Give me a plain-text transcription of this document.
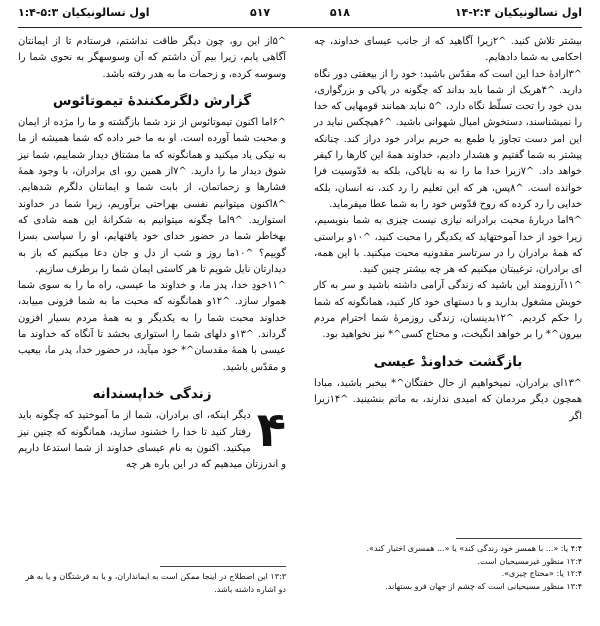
اول تسالونیکیان ۲:۴-۱۴
۵۱۸
۵۱۷
اول تسالونیکیان ۵:۳-۱:۴

بیشتر تلاش کنید. ^۲زیرا آگاهید که از جانب عیسای خداوند، چه احکامی به شما دادهایم.

^۳ارادهٔ خدا این است که مقدّس باشید: خود را از بیعفتی دور نگاه دارید. ^۴هریک از شما باید بداند که چگونه در پاکی و بزرگواری، بدن خود را تحت تسلّط نگاه دارد، ^۵ نباید همانند قومهایی که خدا را نمیشناسند، دستخوش امیال شهوانی باشید. ^۶هیچکس نباید در این امر دست تجاوز یا طمع به حریم برادر خود دراز کند. چنانکه پیشتر به شما گفتیم و هشدار دادیم، خداوند همهٔ این کارها را کیفر خواهد داد. ^۷زیرا خدا ما را نه به ناپاکی، بلکه به قدّوسیت فرا خوانده است. ^۸پس، هر که این تعلیم را رد کند، نه انسان، بلکه خدایی را رد کرده که روح قدّوس خود را به شما عطا میفرماید.

^۹اما دربارهٔ محبت برادرانه نیازی نیست چیزی به شما بنویسیم، زیرا خود از خدا آموختهاید که یکدیگر را محبت کنید، ^۱۰و براستی که همهٔ برادران را در سرتاسر مقدونیه محبت میکنید. با این همه، ای برادران، ترغیبتان میکنیم که هر چه بیشتر چنین کنید.

^۱۱آرزومند این باشید که زندگی آرامی داشته باشید و سر به کار خویش مشغول بدارید و با دستهای خود کار کنید، همانگونه که شما را حکم کردیم. ^۱۲بدینسان، زندگی روزمرهٔ شما احترام مردم بیرون^* را بر خواهد انگیخت، و محتاج کسی^* نیز نخواهید بود.

بازگشت خداوندْ عیسی

^۱۳ای برادران، نمیخواهیم از حال خفتگان^* بیخبر باشید، مبادا همچون دیگر مردمان که امیدی ندارند، به ماتم بنشینید. ^۱۴زیرا اگر

^۵از این رو، چون دیگر طاقت نداشتم، فرستادم تا از ایمانتان آگاهی یابم، زیرا بیم آن داشتم که آن وسوسهگر به نحوی شما را وسوسه کرده، و زحمات ما به هدر رفته باشد.

گزارش دلگرمکنندهٔ تیموتائوس

^۶اما اکنون تیموتائوس از نزد شما بازگشته و ما را مژده از ایمان و محبت شما آورده است. او به ما خبر داده که شما همیشه از ما به نیکی یاد میکنید و همانگونه که ما مشتاق دیدار شماییم، شما نیز شوق دیدار ما را دارید. ^۷از همین رو، ای برادران، با وجود همهٔ فشارها و زحماتمان، از بابت شما و ایمانتان دلگرم شدهایم. ^۸اکنون میتوانیم نفسی بهراحتی برآوریم، زیرا شما در خداوند استوارید. ^۹اما چگونه میتوانیم به شکرانهٔ این همه شادی که بهخاطر شما در حضور خدای خود یافتهایم، او را سپاسی بسزا گوییم؟ ^۱۰ما روز و شب از دل و جان دعا میکنیم که باز به دیدارتان نایل شویم تا هر کاستی ایمان شما را برطرف سازیم.

^۱۱خودِ خدا، پدر ما، و خداوند ما عیسی، راه ما را به سوی شما هموار سازد. ^۱۲و همانگونه که محبت ما به شما فزونی مییابد، خداوند محبت شما را به یکدیگر و به همهٔ مردم بسیار افزون گرداند. ^۱۳و دلهای شما را استواری بخشد تا آنگاه که خداوند ما عیسی با همهٔ مقدسان^* خود میآید، در حضور خدا، پدر ما، بیعیب و مقدّس باشید.

زندگی خداپسندانه

۴
دیگر اینکه، ای برادران، شما از ما آموختید که چگونه باید رفتار کنید تا خدا را خشنود سازید، همانگونه که چنین نیز میکنید. اکنون به نام عیسای خداوند از شما استدعا داریم و اندرزتان میدهیم که در این باره هر چه

۴:۴ یا: «... با همسر خود زندگی کند» یا «... همسری اختیار کند».
۱۲:۴ منظور غیرمسیحیان است.
۱۲:۴ یا: «محتاج چیزی».
۱۳:۴ منظور مسیحیانی است که چشم از جهان فرو بستهاند.
۱۳:۳ این اصطلاح در اینجا ممکن است به ایمانداران، و یا به فرشتگان و یا به هر دو اشاره داشته باشد.
